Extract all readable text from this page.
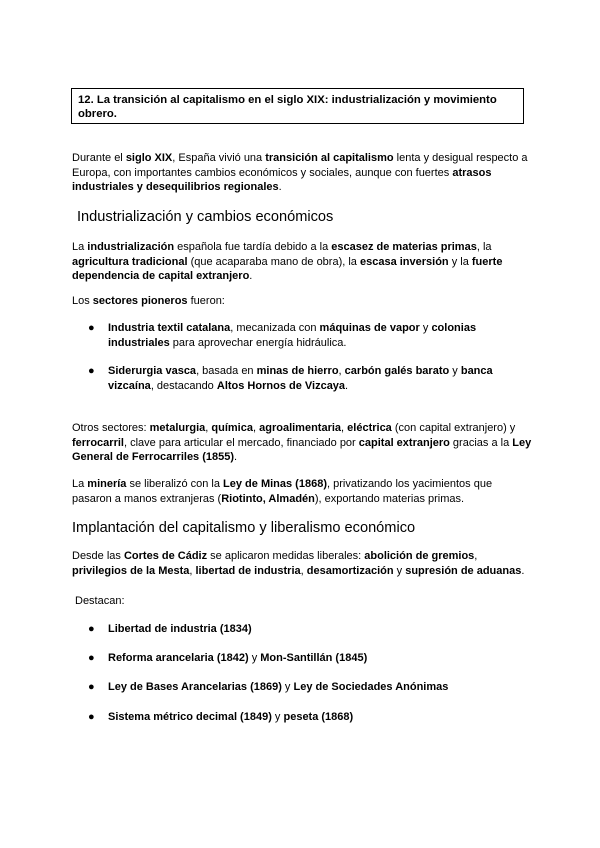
12. La transición al capitalismo en el siglo XIX: industrialización y movimiento obrero.
Durante el siglo XIX, España vivió una transición al capitalismo lenta y desigual respecto a Europa, con importantes cambios económicos y sociales, aunque con fuertes atrasos industriales y desequilibrios regionales.
Industrialización y cambios económicos
La industrialización española fue tardía debido a la escasez de materias primas, la agricultura tradicional (que acaparaba mano de obra), la escasa inversión y la fuerte dependencia de capital extranjero.
Los sectores pioneros fueron:
● Industria textil catalana, mecanizada con máquinas de vapor y colonias industriales para aprovechar energía hidráulica.
● Siderurgia vasca, basada en minas de hierro, carbón galés barato y banca vizcaína, destacando Altos Hornos de Vizcaya.
Otros sectores: metalurgia, química, agroalimentaria, eléctrica (con capital extranjero) y ferrocarril, clave para articular el mercado, financiado por capital extranjero gracias a la Ley General de Ferrocarriles (1855).
La minería se liberalizó con la Ley de Minas (1868), privatizando los yacimientos que pasaron a manos extranjeras (Riotinto, Almadén), exportando materias primas.
Implantación del capitalismo y liberalismo económico
Desde las Cortes de Cádiz se aplicaron medidas liberales: abolición de gremios, privilegios de la Mesta, libertad de industria, desamortización y supresión de aduanas.
Destacan:
● Libertad de industria (1834)
● Reforma arancelaria (1842) y Mon-Santillán (1845)
● Ley de Bases Arancelarias (1869) y Ley de Sociedades Anónimas
● Sistema métrico decimal (1849) y peseta (1868)
